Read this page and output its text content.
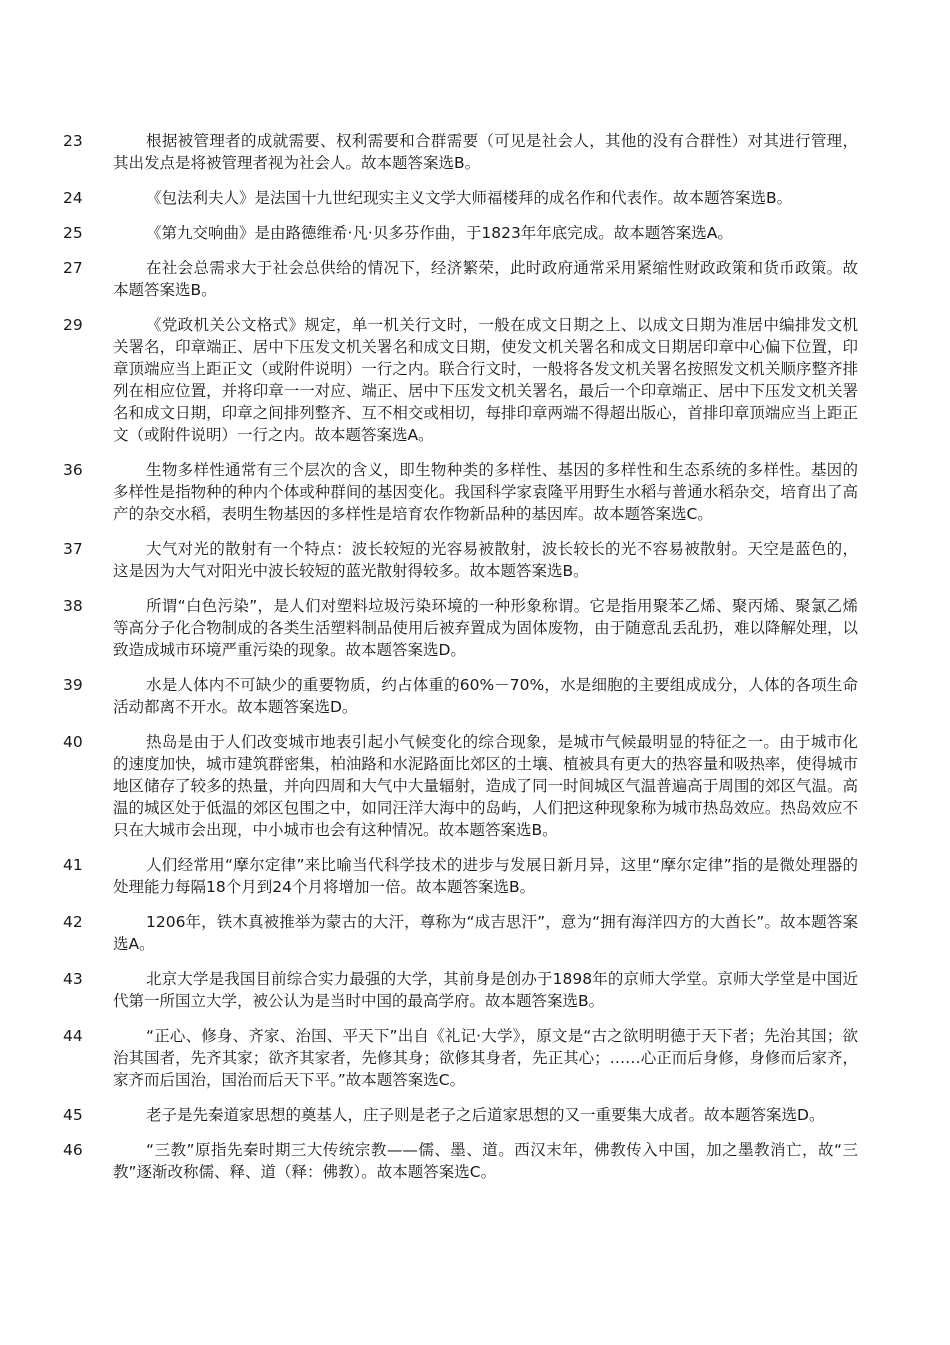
23	根据被管理者的成就需要、权利需要和合群需要（可见是社会人，其他的没有合群性）对其进行管理，其出发点是将被管理者视为社会人。故本题答案选B。
24	《包法利夫人》是法国十九世纪现实主义文学大师福楼拜的成名作和代表作。故本题答案选B。
25	《第九交响曲》是由路德维希·凡·贝多芬作曲，于1823年年底完成。故本题答案选A。
27	在社会总需求大于社会总供给的情况下，经济繁荣，此时政府通常采用紧缩性财政政策和货币政策。故本题答案选B。
29	《党政机关公文格式》规定，单一机关行文时，一般在成文日期之上、以成文日期为准居中编排发文机关署名，印章端正、居中下压发文机关署名和成文日期，使发文机关署名和成文日期居印章中心偏下位置，印章顶端应当上距正文（或附件说明）一行之内。联合行文时，一般将各发文机关署名按照发文机关顺序整齐排列在相应位置，并将印章一一对应、端正、居中下压发文机关署名，最后一个印章端正、居中下压发文机关署名和成文日期，印章之间排列整齐、互不相交或相切，每排印章两端不得超出版心，首排印章顶端应当上距正文（或附件说明）一行之内。故本题答案选A。
36	生物多样性通常有三个层次的含义，即生物种类的多样性、基因的多样性和生态系统的多样性。基因的多样性是指物种的种内个体或种群间的基因变化。我国科学家袁隆平用野生水稻与普通水稻杂交，培育出了高产的杂交水稻，表明生物基因的多样性是培育农作物新品种的基因库。故本题答案选C。
37	大气对光的散射有一个特点：波长较短的光容易被散射，波长较长的光不容易被散射。天空是蓝色的，这是因为大气对阳光中波长较短的蓝光散射得较多。故本题答案选B。
38	所谓“白色污染”，是人们对塑料垃圾污染环境的一种形象称谓。它是指用聚苯乙烯、聚丙烯、聚氯乙烯等高分子化合物制成的各类生活塑料制品使用后被弃置成为固体废物，由于随意乱丢乱扔，难以降解处理，以致造成城市环境严重污染的现象。故本题答案选D。
39	水是人体内不可缺少的重要物质，约占体重的60%－70%，水是细胞的主要组成成分，人体的各项生命活动都离不开水。故本题答案选D。
40	热岛是由于人们改变城市地表引起小气候变化的综合现象，是城市气候最明显的特征之一。由于城市化的速度加快，城市建筑群密集，柏油路和水泥路面比郊区的土壤、植被具有更大的热容量和吸热率，使得城市地区储存了较多的热量，并向四周和大气中大量辐射，造成了同一时间城区气温普遍高于周围的郊区气温。高温的城区处于低温的郊区包围之中，如同汪洋大海中的岛屿，人们把这种现象称为城市热岛效应。热岛效应不只在大城市会出现，中小城市也会有这种情况。故本题答案选B。
41	人们经常用“摩尔定律”来比喻当代科学技术的进步与发展日新月异，这里“摩尔定律”指的是微处理器的处理能力每隔18个月到24个月将增加一倍。故本题答案选B。
42	1206年，铁木真被推举为蒙古的大汗，尊称为“成吉思汗”，意为“拥有海洋四方的大酋长”。故本题答案选A。
43	北京大学是我国目前综合实力最强的大学，其前身是创办于1898年的京师大学堂。京师大学堂是中国近代第一所国立大学，被公认为是当时中国的最高学府。故本题答案选B。
44	“正心、修身、齐家、治国、平天下”出自《礼记·大学》，原文是“古之欲明明德于天下者；先治其国；欲治其国者，先齐其家；欲齐其家者，先修其身；欲修其身者，先正其心；……心正而后身修，身修而后家齐，家齐而后国治，国治而后天下平。”故本题答案选C。
45	老子是先秦道家思想的奠基人，庄子则是老子之后道家思想的又一重要集大成者。故本题答案选D。
46	“三教”原指先秦时期三大传统宗教——儒、墨、道。西汉末年，佛教传入中国，加之墨教消亡，故“三教”逐渐改称儒、释、道（释：佛教）。故本题答案选C。
